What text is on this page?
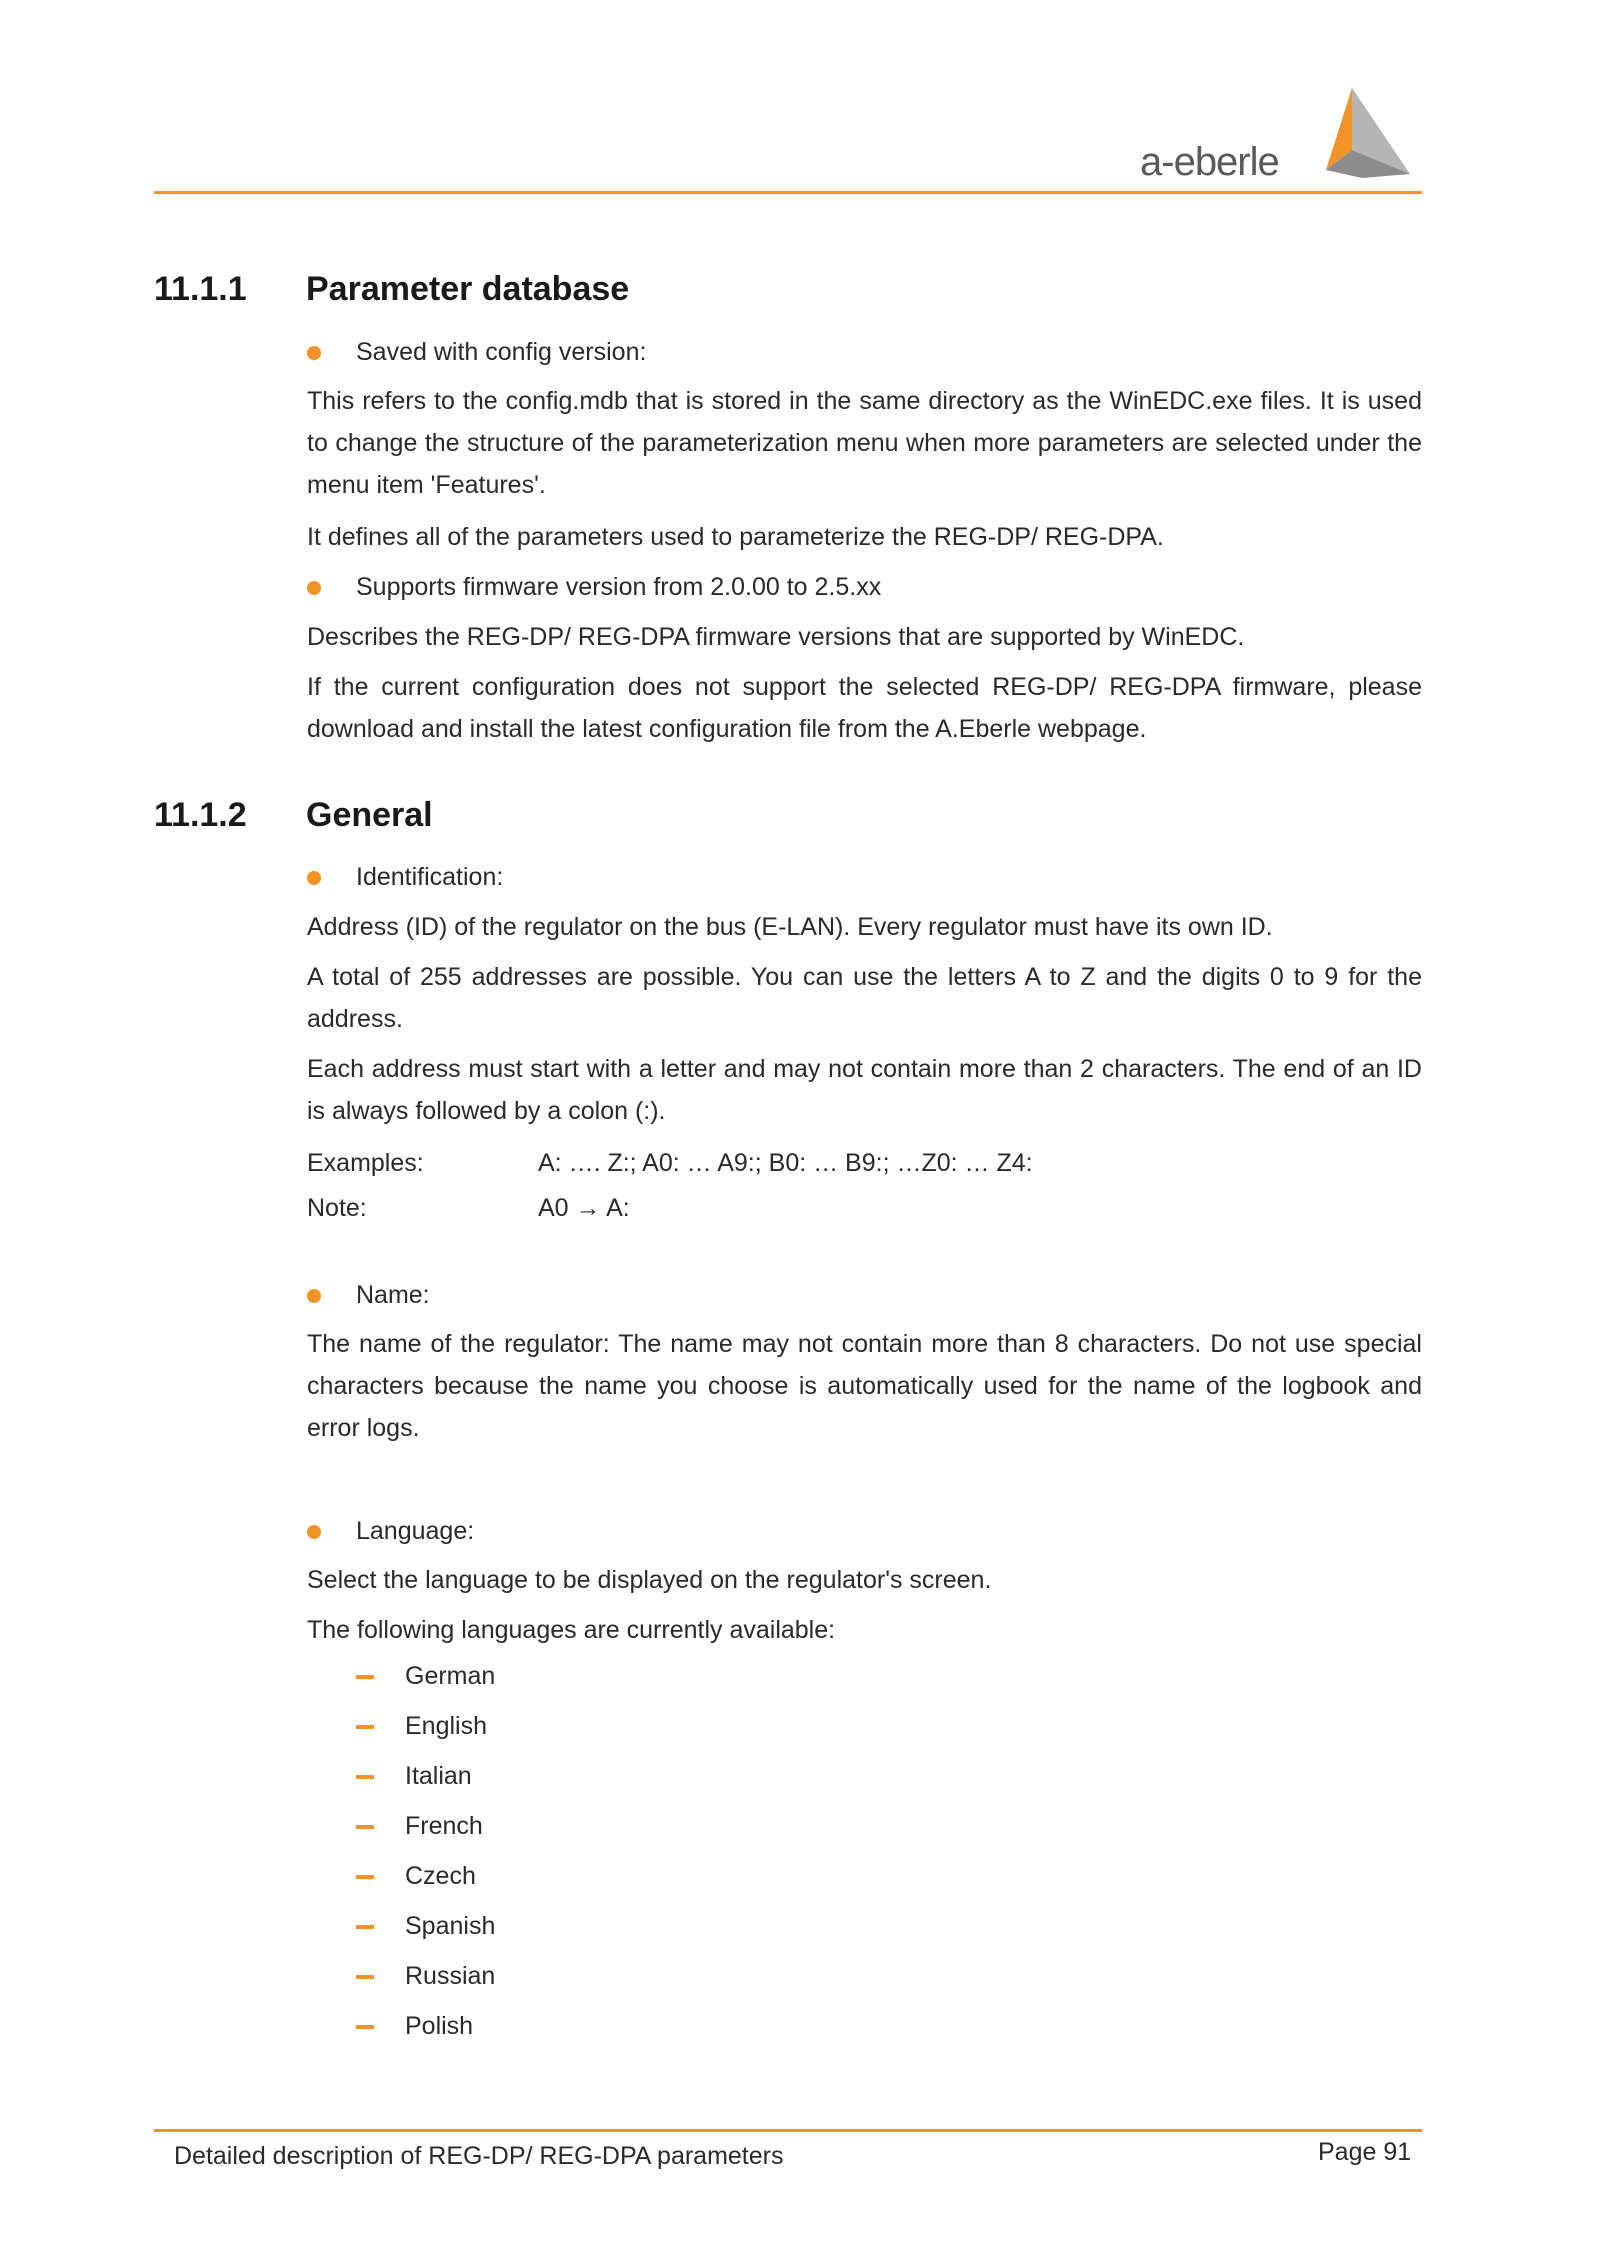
a-eberle
11.1.1 Parameter database
Saved with config version:

This refers to the config.mdb that is stored in the same directory as the WinEDC.exe files. It is used to change the structure of the parameterization menu when more parameters are selected under the menu item 'Features'.

It defines all of the parameters used to parameterize the REG-DP/ REG-DPA.

Supports firmware version from 2.0.00 to 2.5.xx

Describes the REG-DP/ REG-DPA firmware versions that are supported by WinEDC.

If the current configuration does not support the selected REG-DP/ REG-DPA firmware, please download and install the latest configuration file from the A.Eberle webpage.

11.1.2 General
Identification:

Address (ID) of the regulator on the bus (E-LAN). Every regulator must have its own ID.

A total of 255 addresses are possible. You can use the letters A to Z and the digits 0 to 9 for the address.

Each address must start with a letter and may not contain more than 2 characters. The end of an ID is always followed by a colon (:).

Examples:	A: …. Z:; A0: … A9:; B0: … B9:; …Z0: … Z4:
Note:	A0 → A:
Name:

The name of the regulator: The name may not contain more than 8 characters. Do not use special characters because the name you choose is automatically used for the name of the logbook and error logs.

Language:

Select the language to be displayed on the regulator's screen.

The following languages are currently available:

German
English
Italian
French
Czech
Spanish
Russian
Polish
Detailed description of REG-DP/ REG-DPA parameters	Page 91
